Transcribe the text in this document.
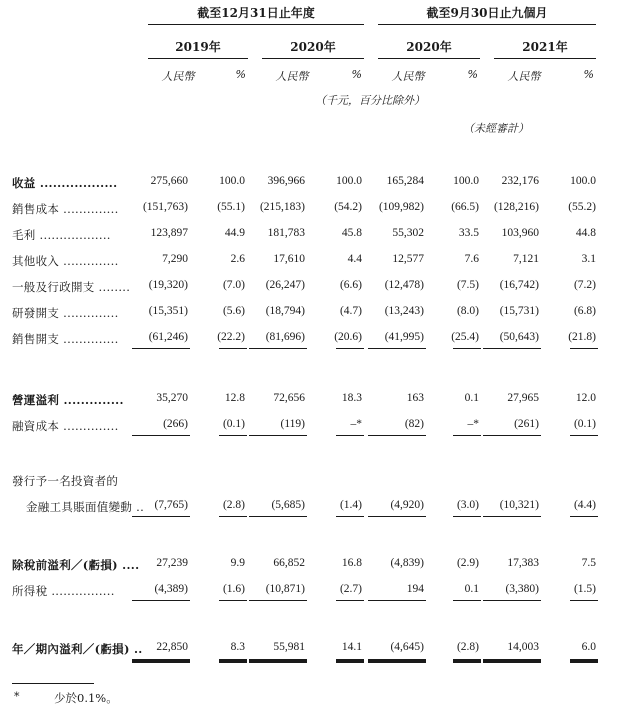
截至12月31日止年度	截至9月30日止九個月
2019年	2020年	2020年	2021年
人民幣	%	人民幣	%	人民幣	%	人民幣	%
（千元，百分比除外）
（未經審計）
收益 ..................	275,660	100.0	396,966	100.0	165,284	100.0	232,176	100.0
銷售成本 ..............	(151,763)	(55.1)	(215,183)	(54.2)	(109,982)	(66.5)	(128,216)	(55.2)
毛利 ..................	123,897	44.9	181,783	45.8	55,302	33.5	103,960	44.8
其他收入 ..............	7,290	2.6	17,610	4.4	12,577	7.6	7,121	3.1
一般及行政開支 ........	(19,320)	(7.0)	(26,247)	(6.6)	(12,478)	(7.5)	(16,742)	(7.2)
研發開支 ..............	(15,351)	(5.6)	(18,794)	(4.7)	(13,243)	(8.0)	(15,731)	(6.8)
銷售開支 ..............	(61,246)	(22.2)	(81,696)	(20.6)	(41,995)	(25.4)	(50,643)	(21.8)
營運溢利 ..............	35,270	12.8	72,656	18.3	163	0.1	27,965	12.0
融資成本 ..............	(266)	(0.1)	(119)	–*	(82)	–*	(261)	(0.1)
發行予一名投資者的
金融工具賬面值變動 .. (7,765)	(2.8)	(5,685)	(1.4)	(4,920)	(3.0)	(10,321)	(4.4)
除稅前溢利／(虧損) ....	27,239	9.9	66,852	16.8	(4,839)	(2.9)	17,383	7.5
所得稅 ................	(4,389)	(1.6)	(10,871)	(2.7)	194	0.1	(3,380)	(1.5)
年／期內溢利／(虧損) ..	22,850	8.3	55,981	14.1	(4,645)	(2.8)	14,003	6.0
*	少於0.1%。
